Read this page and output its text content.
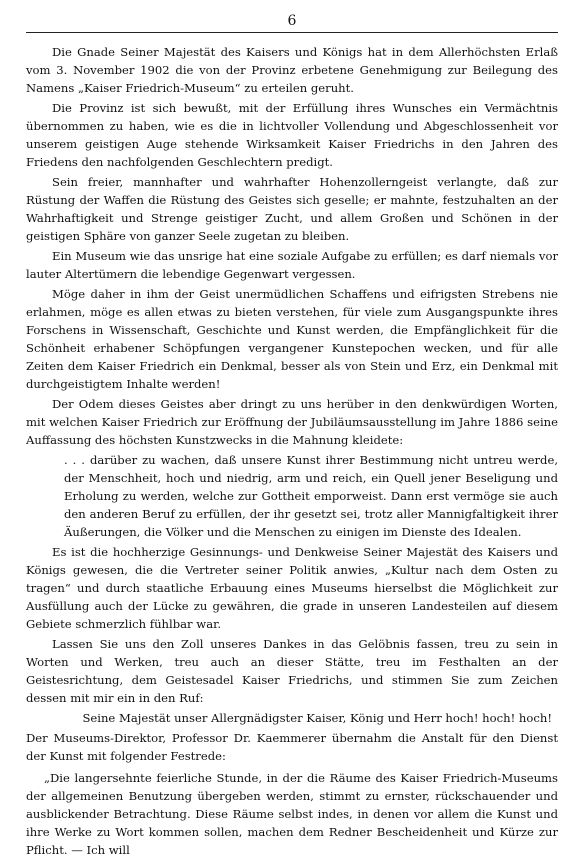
6

Die Gnade Seiner Majestät des Kaisers und Königs hat in dem Allerhöchsten Erlaß vom 3. November 1902 die von der Provinz erbetene Genehmigung zur Beilegung des Namens „Kaiser Friedrich-Museum“ zu erteilen geruht.

Die Provinz ist sich bewußt, mit der Erfüllung ihres Wunsches ein Vermächtnis übernommen zu haben, wie es die in lichtvoller Vollendung und Abgeschlossenheit vor unserem geistigen Auge stehende Wirksamkeit Kaiser Friedrichs in den Jahren des Friedens den nachfolgenden Geschlechtern predigt.

Sein freier, mannhafter und wahrhafter Hohenzollerngeist verlangte, daß zur Rüstung der Waffen die Rüstung des Geistes sich geselle; er mahnte, festzuhalten an der Wahrhaftigkeit und Strenge geistiger Zucht, und allem Großen und Schönen in der geistigen Sphäre von ganzer Seele zugetan zu bleiben.

Ein Museum wie das unsrige hat eine soziale Aufgabe zu erfüllen; es darf niemals vor lauter Altertümern die lebendige Gegenwart vergessen.

Möge daher in ihm der Geist unermüdlichen Schaffens und eifrigsten Strebens nie erlahmen, möge es allen etwas zu bieten verstehen, für viele zum Ausgangspunkte ihres Forschens in Wissenschaft, Geschichte und Kunst werden, die Empfänglichkeit für die Schönheit erhabener Schöpfungen vergangener Kunstepochen wecken, und für alle Zeiten dem Kaiser Friedrich ein Denkmal, besser als von Stein und Erz, ein Denkmal mit durchgeistigtem Inhalte werden!

Der Odem dieses Geistes aber dringt zu uns herüber in den denkwürdigen Worten, mit welchen Kaiser Friedrich zur Eröffnung der Jubiläumsausstellung im Jahre 1886 seine Auffassung des höchsten Kunstzwecks in die Mahnung kleidete:

. . . darüber zu wachen, daß unsere Kunst ihrer Bestimmung nicht untreu werde, der Menschheit, hoch und niedrig, arm und reich, ein Quell jener Beseligung und Erholung zu werden, welche zur Gottheit emporweist. Dann erst vermöge sie auch den anderen Beruf zu erfüllen, der ihr gesetzt sei, trotz aller Mannigfaltigkeit ihrer Äußerungen, die Völker und die Menschen zu einigen im Dienste des Idealen.

Es ist die hochherzige Gesinnungs- und Denkweise Seiner Majestät des Kaisers und Königs gewesen, die die Vertreter seiner Politik anwies, „Kultur nach dem Osten zu tragen“ und durch staatliche Erbauung eines Museums hierselbst die Möglichkeit zur Ausfüllung auch der Lücke zu gewähren, die grade in unseren Landesteilen auf diesem Gebiete schmerzlich fühlbar war.

Lassen Sie uns den Zoll unseres Dankes in das Gelöbnis fassen, treu zu sein in Worten und Werken, treu auch an dieser Stätte, treu im Festhalten an der Geistesrichtung, dem Geistesadel Kaiser Friedrichs, und stimmen Sie zum Zeichen dessen mit mir ein in den Ruf:

Seine Majestät unser Allergnädigster Kaiser, König und Herr hoch! hoch! hoch!

Der Museums-Direktor, Professor Dr. Kaemmerer übernahm die Anstalt für den Dienst der Kunst mit folgender Festrede:

„Die langersehnte feierliche Stunde, in der die Räume des Kaiser Friedrich-Museums der allgemeinen Benutzung übergeben werden, stimmt zu ernster, rückschauender und ausblickender Betrachtung. Diese Räume selbst indes, in denen vor allem die Kunst und ihre Werke zu Wort kommen sollen, machen dem Redner Bescheidenheit und Kürze zur Pflicht. — Ich will
